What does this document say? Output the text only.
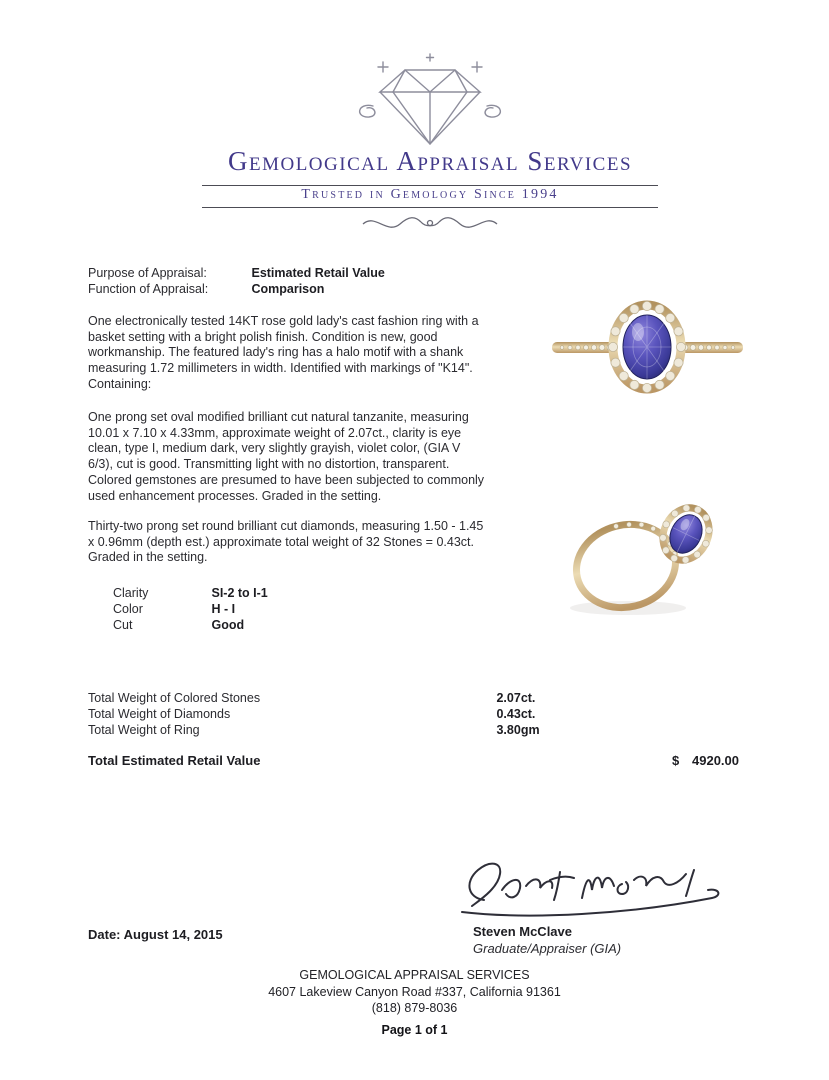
Gemological Appraisal Services
Trusted in Gemology Since 1994
Purpose of Appraisal:	Estimated Retail Value
Function of Appraisal:	Comparison

One electronically tested 14KT rose gold lady's cast fashion ring with a basket setting with a bright polish finish. Condition is new, good workmanship. The featured lady's ring has a halo motif with a shank measuring 1.72 millimeters in width. Identified with markings of "K14". Containing:

One prong set oval modified brilliant cut natural tanzanite, measuring 10.01 x 7.10 x 4.33mm, approximate weight of 2.07ct., clarity is eye clean, type I, medium dark, very slightly grayish, violet color, (GIA V 6/3), cut is good. Transmitting light with no distortion, transparent. Colored gemstones are presumed to have been subjected to commonly used enhancement processes. Graded in the setting.

Thirty-two prong set round brilliant cut diamonds, measuring 1.50 - 1.45 x 0.96mm (depth est.) approximate total weight of 32 Stones = 0.43ct. Graded in the setting.

Clarity	SI-2 to I-1
Color	H - I
Cut	Good
Total Weight of Colored Stones	2.07ct.
Total Weight of Diamonds	0.43ct.
Total Weight of Ring	3.80gm
Total Estimated Retail Value	$ 4920.00
Date: August 14, 2015	Steven McClave
Graduate/Appraiser (GIA)
GEMOLOGICAL APPRAISAL SERVICES
4607 Lakeview Canyon Road #337, California 91361
(818) 879-8036
Page 1 of 1
